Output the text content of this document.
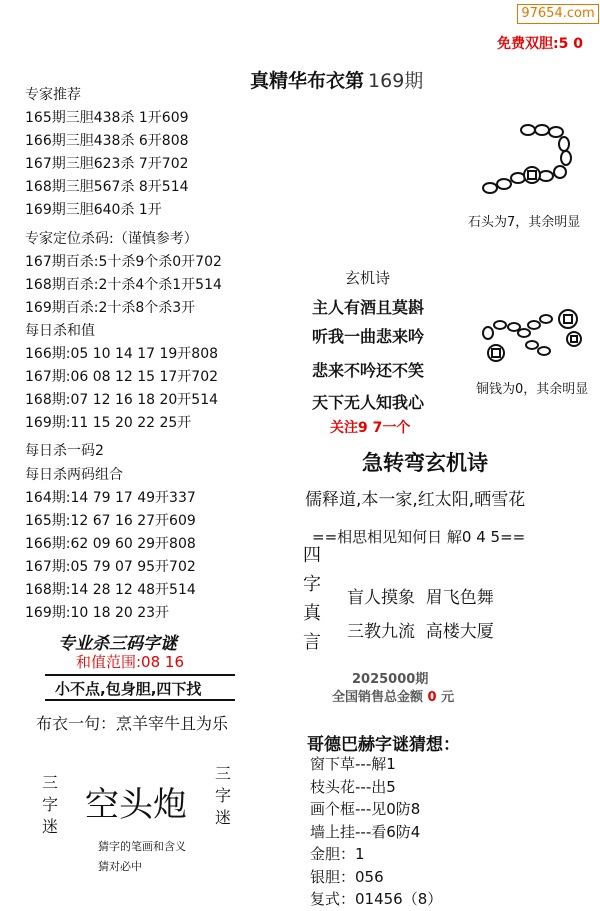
97654.com
免费双胆:5 0
真精华布衣第 169期
专家推荐
165期三胆438杀 1开609
166期三胆438杀 6开808
167期三胆623杀 7开702
168期三胆567杀 8开514
169期三胆640杀 1开
专家定位杀码:（谨慎参考）
167期百杀:5十杀9个杀0开702
168期百杀:2十杀4个杀1开514
169期百杀:2十杀8个杀3开
每日杀和值
166期:05 10 14 17 19开808
167期:06 08 12 15 17开702
168期:07 12 16 18 20开514
169期:11 15 20 22 25开
每日杀一码2
每日杀两码组合
164期:14 79 17 49开337
165期:12 67 16 27开609
166期:62 09 60 29开808
167期:05 79 07 95开702
168期:14 28 12 48开514
169期:10 18 20 23开
专业杀三码字谜
和值范围:08 16
小不点,包身胆,四下找
布衣一句：烹羊宰牛且为乐
三字迷
空头炮
三字迷
猜字的笔画和含义
猜对必中
石头为7，其余明显
铜钱为0，其余明显
玄机诗
主人有酒且莫斟
听我一曲悲来吟
悲来不吟还不笑
天下无人知我心
关注9 7一个
急转弯玄机诗
儒释道,本一家,红太阳,晒雪花
==相思相见知何日 解0 4 5==
四
字
真
言
盲人摸象  眉飞色舞
三教九流  高楼大厦
2025000期
全国销售总金额 0 元
哥德巴赫字谜猜想：
窗下草---解1
枝头花---出5
画个框---见0防8
墙上挂---看6防4
金胆：1
银胆：056
复式：01456（8）
